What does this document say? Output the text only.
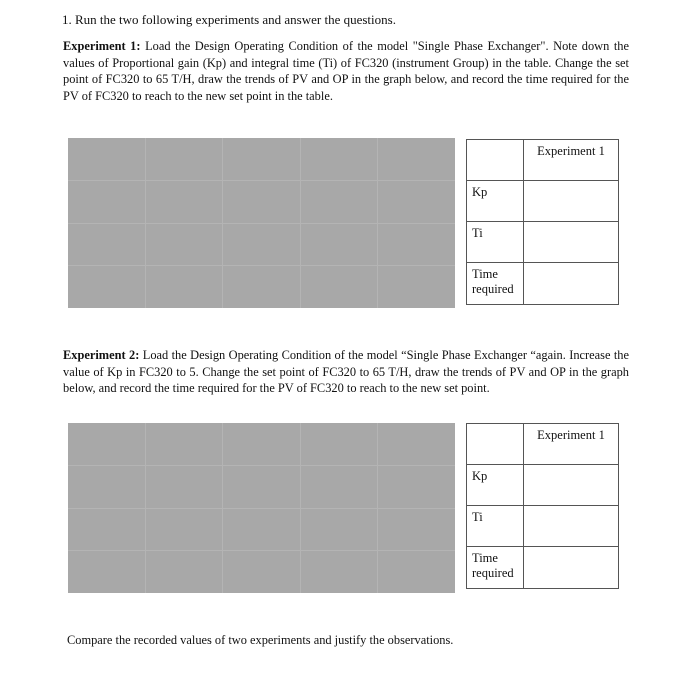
1. Run the two following experiments and answer the questions.

Experiment 1: Load the Design Operating Condition of the model "Single Phase Exchanger". Note down the values of Proportional gain (Kp) and integral time (Ti) of FC320 (instrument Group) in the table. Change the set point of FC320 to 65 T/H, draw the trends of PV and OP in the graph below, and record the time required for the PV of FC320 to reach to the new set point in the table.

	Experiment 1
Kp	
Ti	
Time required	

Experiment 2: Load the Design Operating Condition of the model “Single Phase Exchanger “again. Increase the value of Kp in FC320 to 5. Change the set point of FC320 to 65 T/H, draw the trends of PV and OP in the graph below, and record the time required for the PV of FC320 to reach to the new set point.

	Experiment 1
Kp	
Ti	
Time required	
Compare the recorded values of two experiments and justify the observations.
